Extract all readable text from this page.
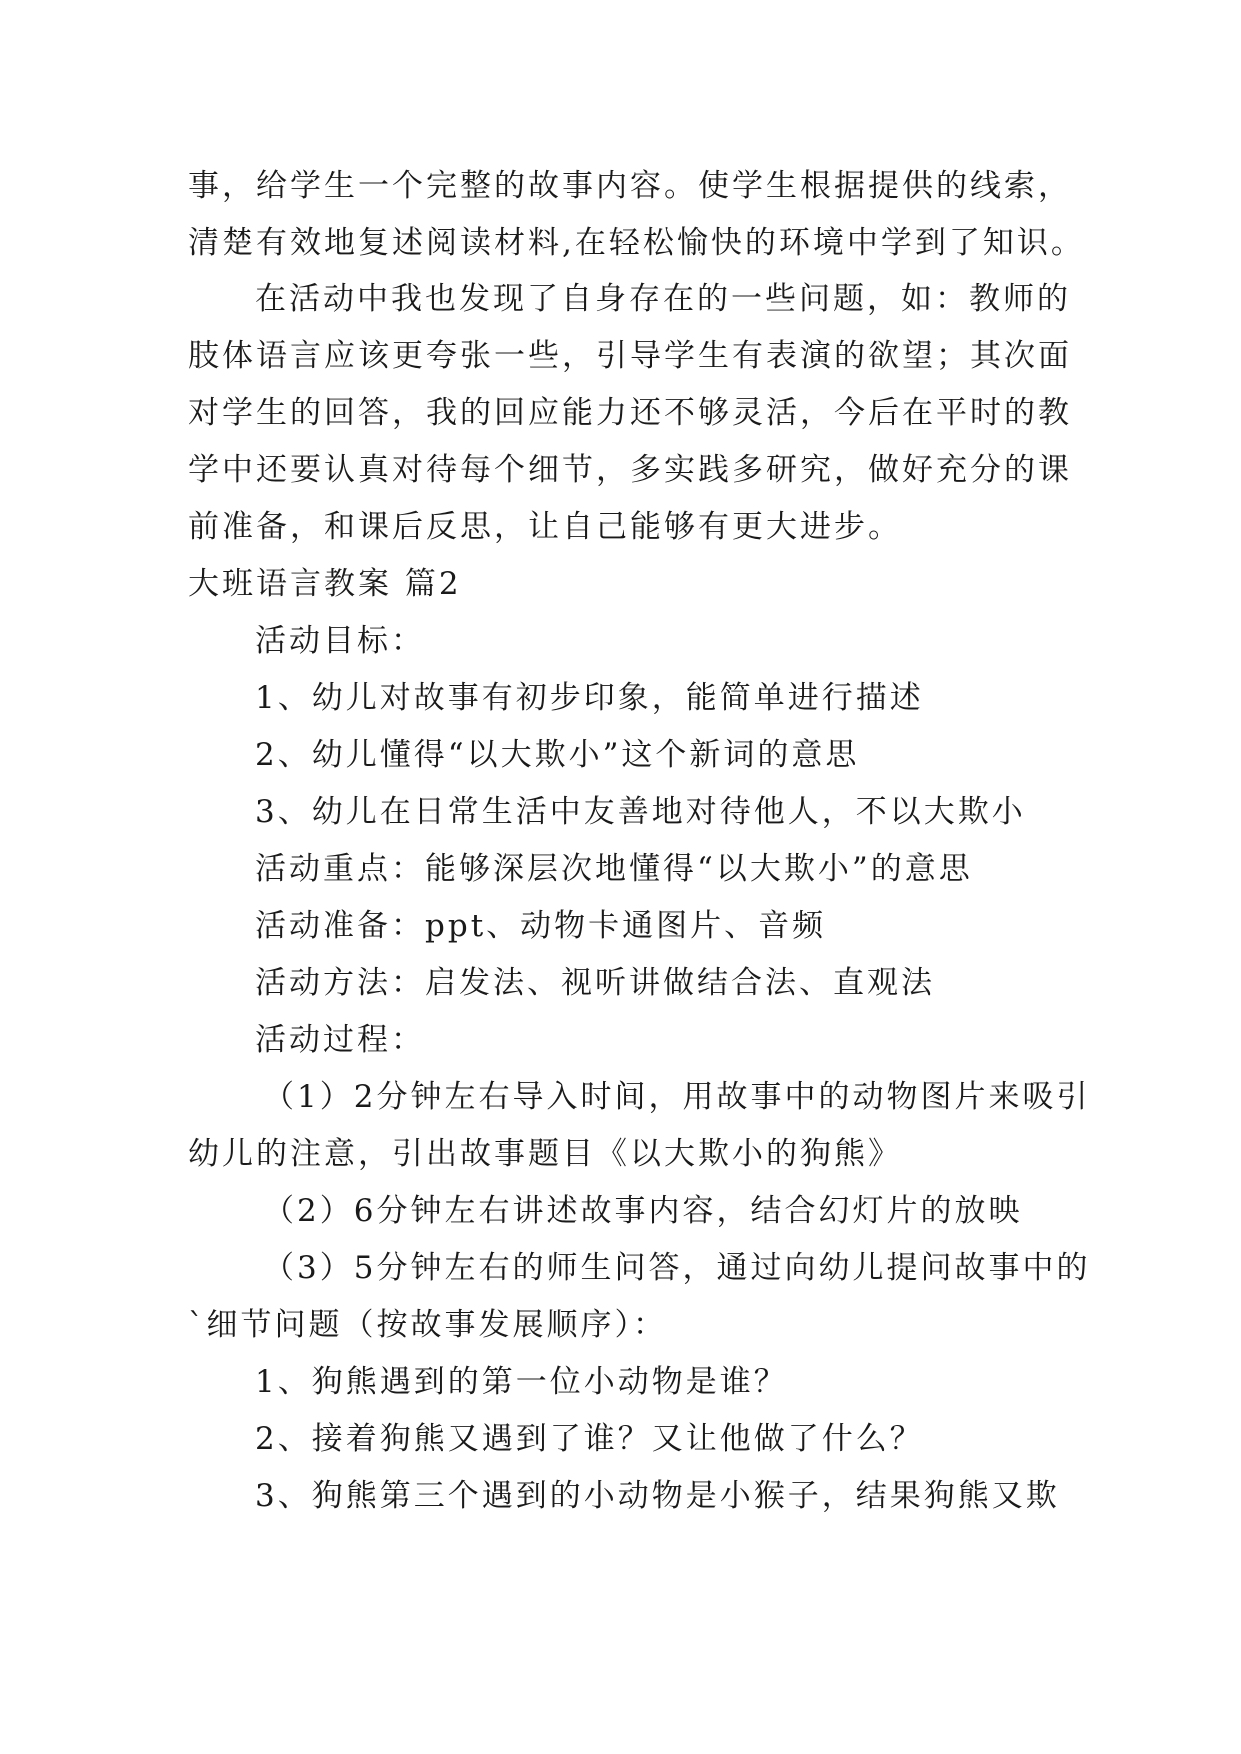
事，给学生一个完整的故事内容。使学生根据提供的线索，
清楚有效地复述阅读材料,在轻松愉快的环境中学到了知识。
在活动中我也发现了自身存在的一些问题，如：教师的
肢体语言应该更夸张一些，引导学生有表演的欲望；其次面
对学生的回答，我的回应能力还不够灵活，今后在平时的教
学中还要认真对待每个细节，多实践多研究，做好充分的课
前准备，和课后反思，让自己能够有更大进步。
大班语言教案 篇2
活动目标：
1、幼儿对故事有初步印象，能简单进行描述
2、幼儿懂得“以大欺小”这个新词的意思
3、幼儿在日常生活中友善地对待他人，不以大欺小
活动重点：能够深层次地懂得“以大欺小”的意思
活动准备：ppt、动物卡通图片、音频
活动方法：启发法、视听讲做结合法、直观法
活动过程：
（1）2分钟左右导入时间，用故事中的动物图片来吸引
幼儿的注意，引出故事题目《以大欺小的狗熊》
（2）6分钟左右讲述故事内容，结合幻灯片的放映
（3）5分钟左右的师生问答，通过向幼儿提问故事中的
`细节问题（按故事发展顺序）：
1、狗熊遇到的第一位小动物是谁？
2、接着狗熊又遇到了谁？又让他做了什么？
3、狗熊第三个遇到的小动物是小猴子，结果狗熊又欺
